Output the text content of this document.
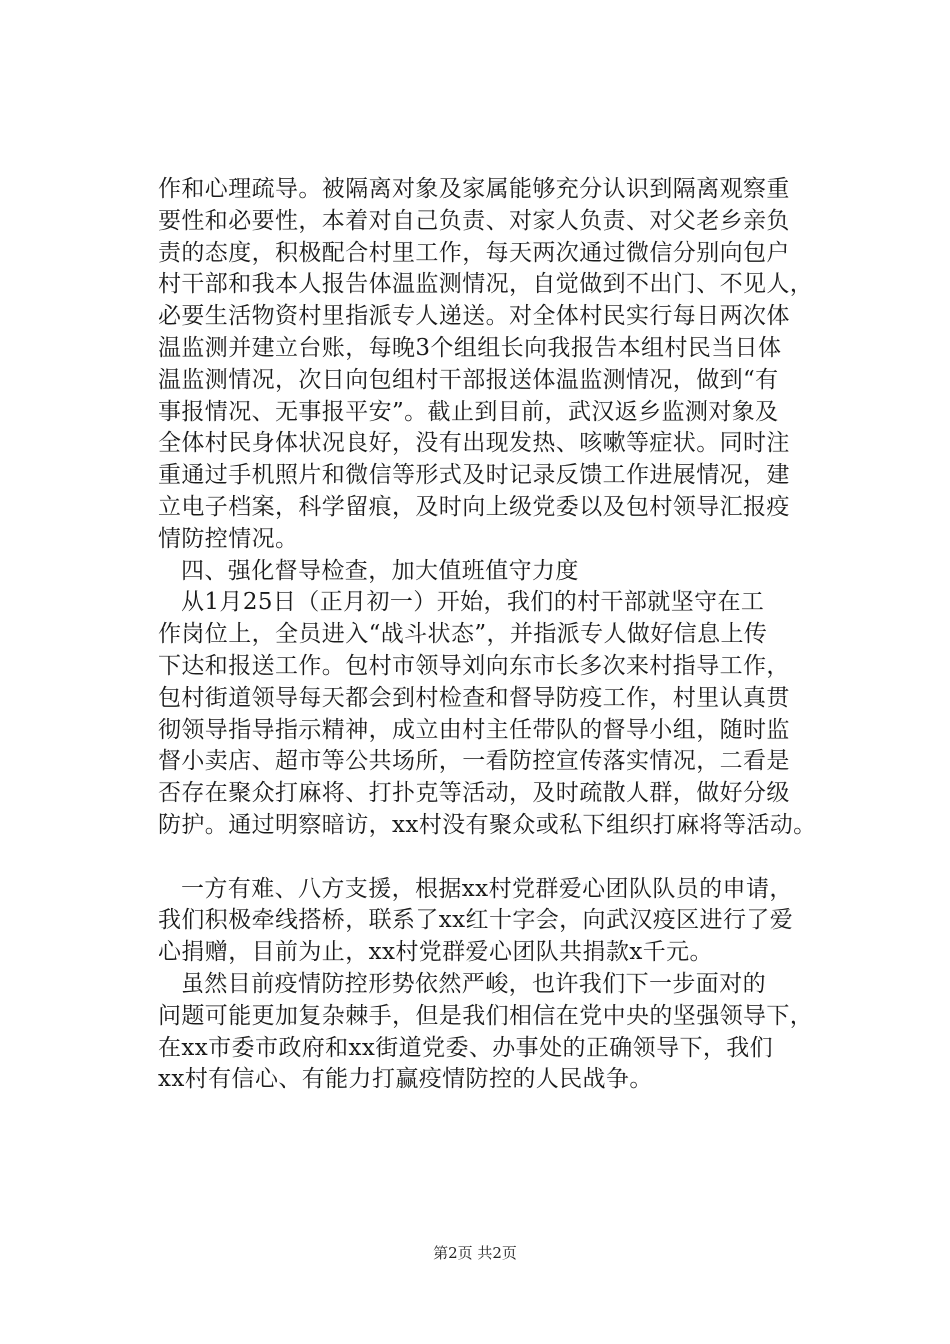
作和心理疏导。被隔离对象及家属能够充分认识到隔离观察重
要性和必要性，本着对自己负责、对家人负责、对父老乡亲负
责的态度，积极配合村里工作，每天两次通过微信分别向包户
村干部和我本人报告体温监测情况，自觉做到不出门、不见人，
必要生活物资村里指派专人递送。对全体村民实行每日两次体
温监测并建立台账，每晚3个组组长向我报告本组村民当日体
温监测情况，次日向包组村干部报送体温监测情况，做到“有
事报情况、无事报平安”。截止到目前，武汉返乡监测对象及
全体村民身体状况良好，没有出现发热、咳嗽等症状。同时注
重通过手机照片和微信等形式及时记录反馈工作进展情况，建
立电子档案，科学留痕，及时向上级党委以及包村领导汇报疫
情防控情况。
四、强化督导检查，加大值班值守力度
从1月25日（正月初一）开始，我们的村干部就坚守在工
作岗位上，全员进入“战斗状态”，并指派专人做好信息上传
下达和报送工作。包村市领导刘向东市长多次来村指导工作，
包村街道领导每天都会到村检查和督导防疫工作，村里认真贯
彻领导指导指示精神，成立由村主任带队的督导小组，随时监
督小卖店、超市等公共场所，一看防控宣传落实情况，二看是
否存在聚众打麻将、打扑克等活动，及时疏散人群，做好分级
防护。通过明察暗访，xx村没有聚众或私下组织打麻将等活动。
一方有难、八方支援，根据xx村党群爱心团队队员的申请，
我们积极牵线搭桥，联系了xx红十字会，向武汉疫区进行了爱
心捐赠，目前为止，xx村党群爱心团队共捐款x千元。
虽然目前疫情防控形势依然严峻，也许我们下一步面对的
问题可能更加复杂棘手，但是我们相信在党中央的坚强领导下，
在xx市委市政府和xx街道党委、办事处的正确领导下，我们
xx村有信心、有能力打赢疫情防控的人民战争。
第2页 共2页
